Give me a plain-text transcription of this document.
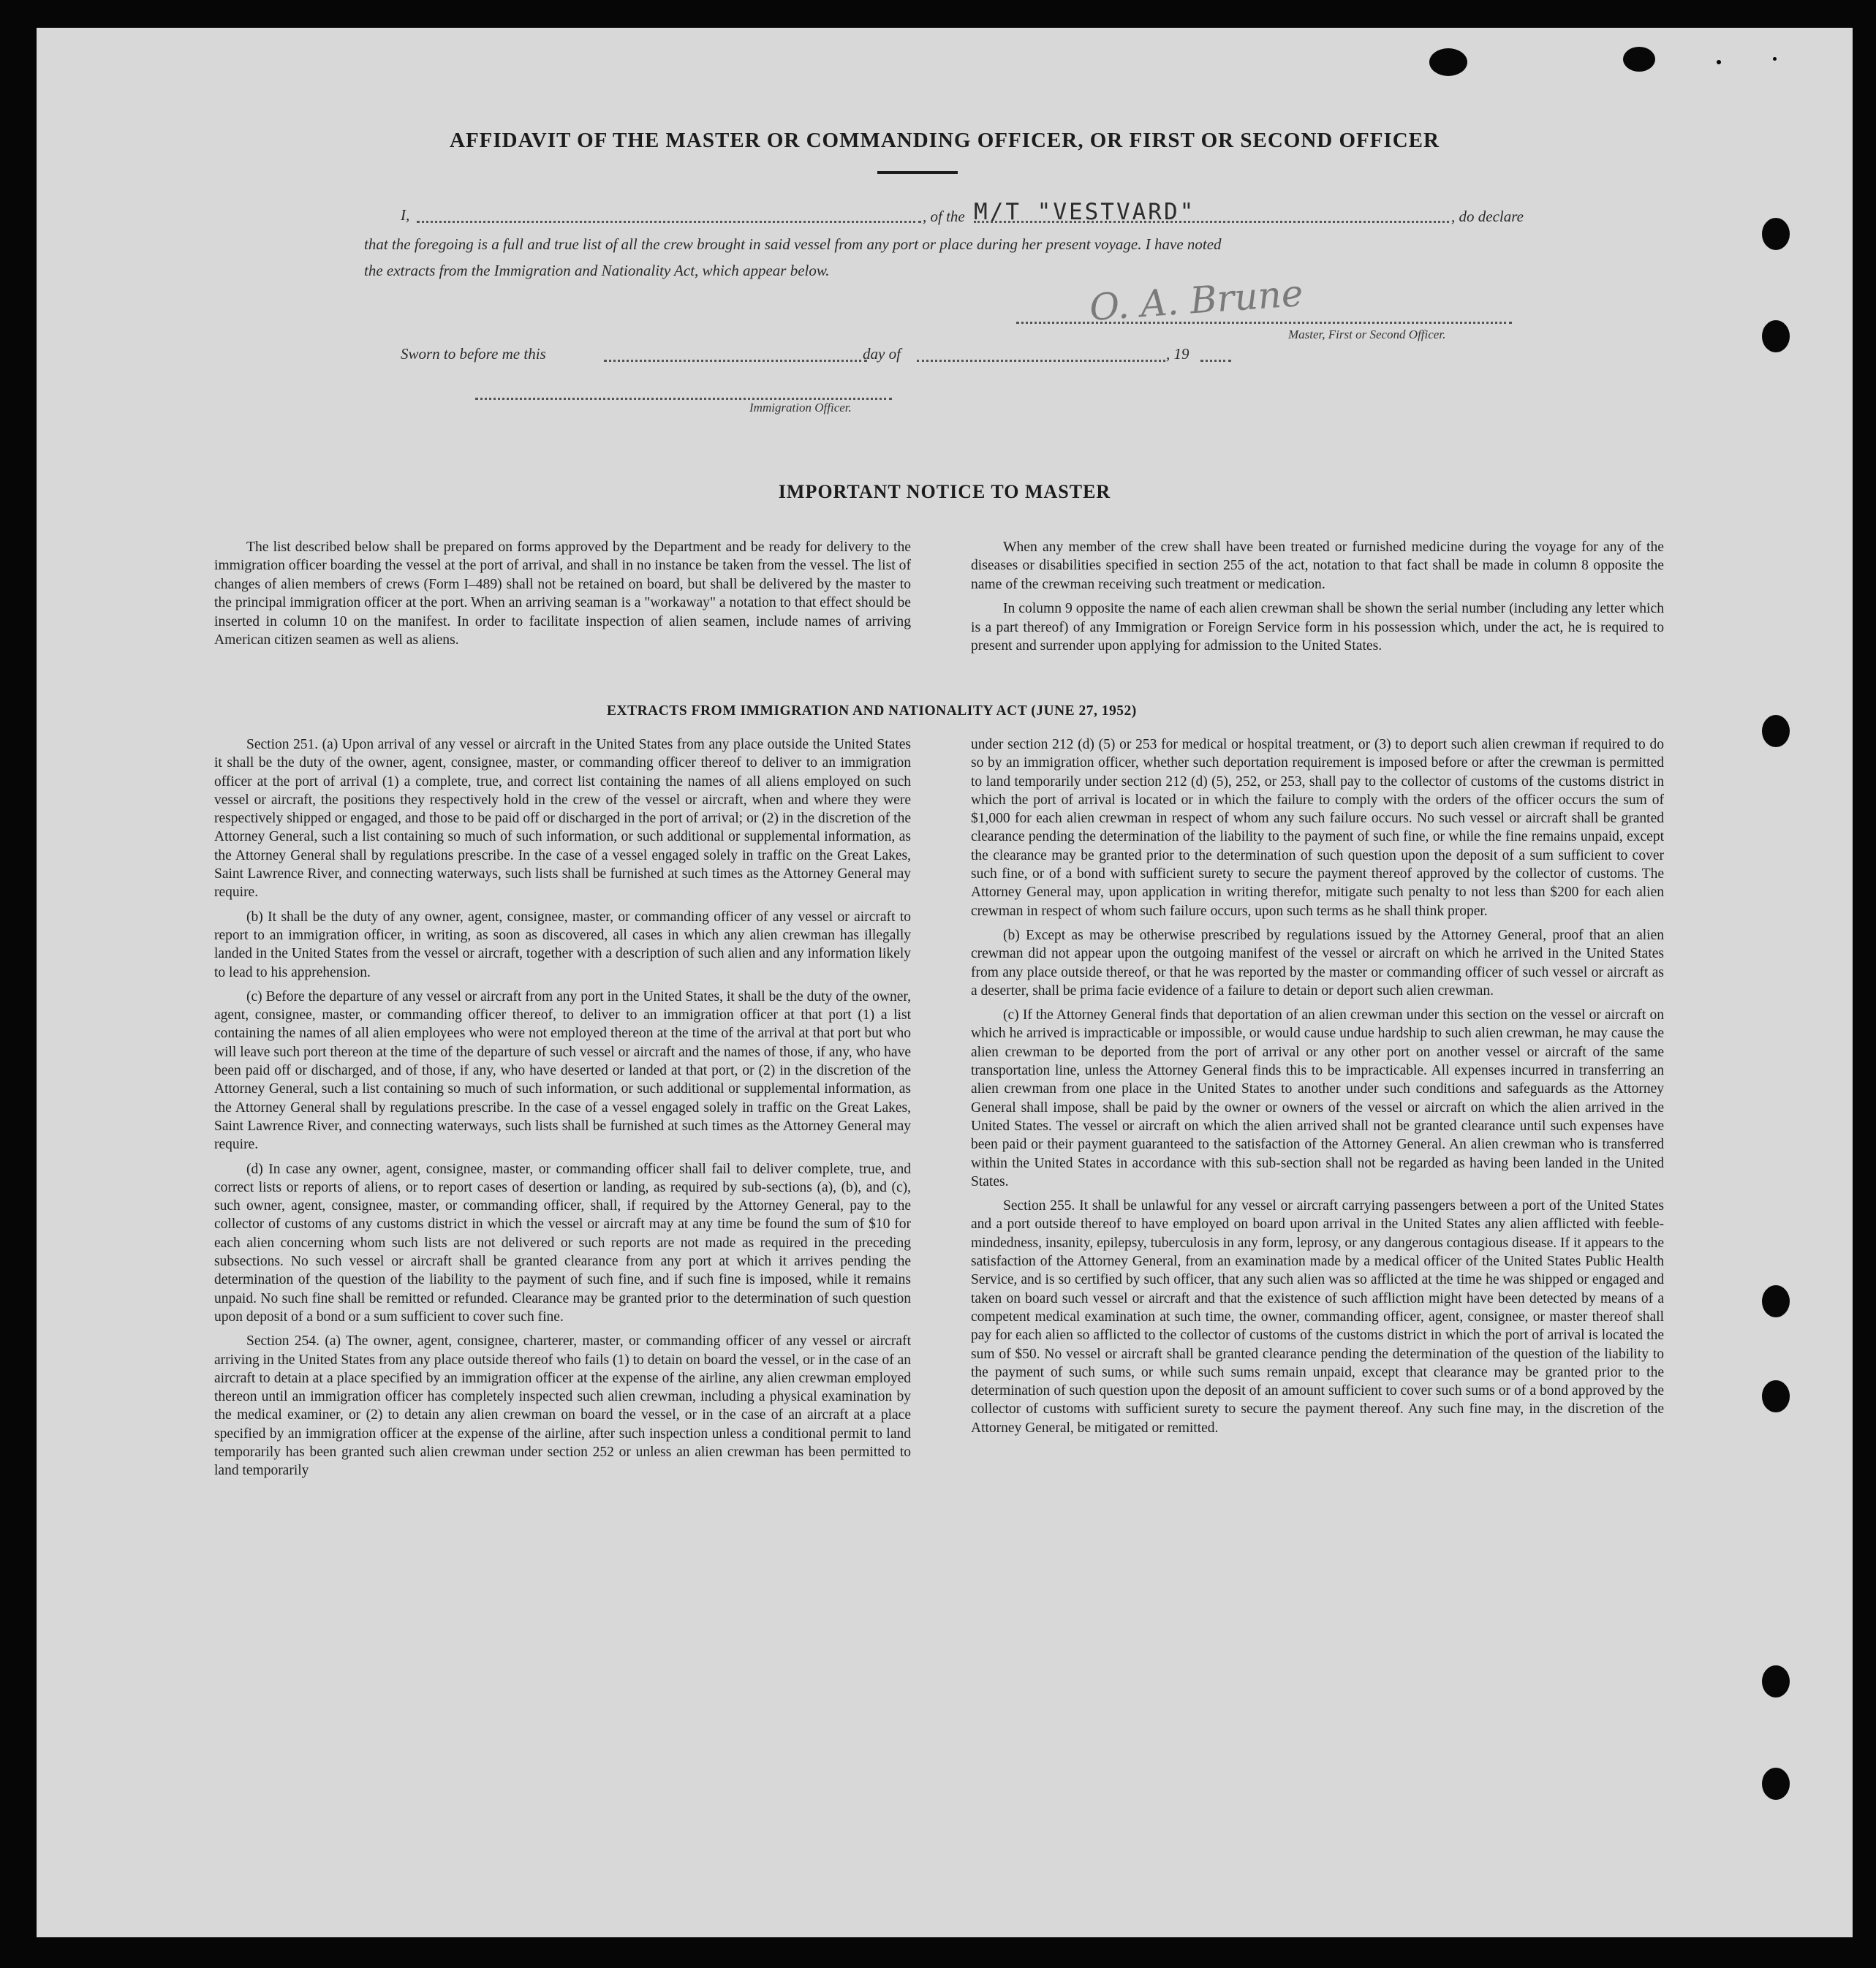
AFFIDAVIT OF THE MASTER OR COMMANDING OFFICER, OR FIRST OR SECOND OFFICER
I,	, of the M/T "VESTVARD"	, do declare
that the foregoing is a full and true list of all the crew brought in said vessel from any port or place during her present voyage. I have noted
the extracts from the Immigration and Nationality Act, which appear below.
O. A. Brune
Master, First or Second Officer.
Sworn to before me this	day of	, 19
Immigration Officer.
IMPORTANT NOTICE TO MASTER

The list described below shall be prepared on forms approved by the Department and be ready for delivery to the immigration officer boarding the vessel at the port of arrival, and shall in no instance be taken from the vessel. The list of changes of alien members of crews (Form I–489) shall not be retained on board, but shall be delivered by the master to the principal immigration officer at the port. When an arriving seaman is a "workaway" a notation to that effect should be inserted in column 10 on the manifest. In order to facilitate inspection of alien seamen, include names of arriving American citizen seamen as well as aliens.

When any member of the crew shall have been treated or furnished medicine during the voyage for any of the diseases or disabilities specified in section 255 of the act, notation to that fact shall be made in column 8 opposite the name of the crewman receiving such treatment or medication.

In column 9 opposite the name of each alien crewman shall be shown the serial number (including any letter which is a part thereof) of any Immigration or Foreign Service form in his possession which, under the act, he is required to present and surrender upon applying for admission to the United States.

EXTRACTS FROM IMMIGRATION AND NATIONALITY ACT (JUNE 27, 1952)

Section 251. (a) Upon arrival of any vessel or aircraft in the United States from any place outside the United States it shall be the duty of the owner, agent, consignee, master, or commanding officer thereof to deliver to an immigration officer at the port of arrival (1) a complete, true, and correct list containing the names of all aliens employed on such vessel or aircraft, the positions they respectively hold in the crew of the vessel or aircraft, when and where they were respectively shipped or engaged, and those to be paid off or discharged in the port of arrival; or (2) in the discretion of the Attorney General, such a list containing so much of such information, or such additional or supplemental information, as the Attorney General shall by regulations prescribe. In the case of a vessel engaged solely in traffic on the Great Lakes, Saint Lawrence River, and connecting waterways, such lists shall be furnished at such times as the Attorney General may require.

(b) It shall be the duty of any owner, agent, consignee, master, or commanding officer of any vessel or aircraft to report to an immigration officer, in writing, as soon as discovered, all cases in which any alien crewman has illegally landed in the United States from the vessel or aircraft, together with a description of such alien and any information likely to lead to his apprehension.

(c) Before the departure of any vessel or aircraft from any port in the United States, it shall be the duty of the owner, agent, consignee, master, or commanding officer thereof, to deliver to an immigration officer at that port (1) a list containing the names of all alien employees who were not employed thereon at the time of the arrival at that port but who will leave such port thereon at the time of the departure of such vessel or aircraft and the names of those, if any, who have been paid off or discharged, and of those, if any, who have deserted or landed at that port, or (2) in the discretion of the Attorney General, such a list containing so much of such information, or such additional or supplemental information, as the Attorney General shall by regulations prescribe. In the case of a vessel engaged solely in traffic on the Great Lakes, Saint Lawrence River, and connecting waterways, such lists shall be furnished at such times as the Attorney General may require.

(d) In case any owner, agent, consignee, master, or commanding officer shall fail to deliver complete, true, and correct lists or reports of aliens, or to report cases of desertion or landing, as required by sub-sections (a), (b), and (c), such owner, agent, consignee, master, or commanding officer, shall, if required by the Attorney General, pay to the collector of customs of any customs district in which the vessel or aircraft may at any time be found the sum of $10 for each alien concerning whom such lists are not delivered or such reports are not made as required in the preceding subsections. No such vessel or aircraft shall be granted clearance from any port at which it arrives pending the determination of the question of the liability to the payment of such fine, and if such fine is imposed, while it remains unpaid. No such fine shall be remitted or refunded. Clearance may be granted prior to the determination of such question upon deposit of a bond or a sum sufficient to cover such fine.

Section 254. (a) The owner, agent, consignee, charterer, master, or commanding officer of any vessel or aircraft arriving in the United States from any place outside thereof who fails (1) to detain on board the vessel, or in the case of an aircraft to detain at a place specified by an immigration officer at the expense of the airline, any alien crewman employed thereon until an immigration officer has completely inspected such alien crewman, including a physical examination by the medical examiner, or (2) to detain any alien crewman on board the vessel, or in the case of an aircraft at a place specified by an immigration officer at the expense of the airline, after such inspection unless a conditional permit to land temporarily has been granted such alien crewman under section 252 or unless an alien crewman has been permitted to land temporarily

under section 212 (d) (5) or 253 for medical or hospital treatment, or (3) to deport such alien crewman if required to do so by an immigration officer, whether such deportation requirement is imposed before or after the crewman is permitted to land temporarily under section 212 (d) (5), 252, or 253, shall pay to the collector of customs of the customs district in which the port of arrival is located or in which the failure to comply with the orders of the officer occurs the sum of $1,000 for each alien crewman in respect of whom any such failure occurs. No such vessel or aircraft shall be granted clearance pending the determination of the liability to the payment of such fine, or while the fine remains unpaid, except the clearance may be granted prior to the determination of such question upon the deposit of a sum sufficient to cover such fine, or of a bond with sufficient surety to secure the payment thereof approved by the collector of customs. The Attorney General may, upon application in writing therefor, mitigate such penalty to not less than $200 for each alien crewman in respect of whom such failure occurs, upon such terms as he shall think proper.

(b) Except as may be otherwise prescribed by regulations issued by the Attorney General, proof that an alien crewman did not appear upon the outgoing manifest of the vessel or aircraft on which he arrived in the United States from any place outside thereof, or that he was reported by the master or commanding officer of such vessel or aircraft as a deserter, shall be prima facie evidence of a failure to detain or deport such alien crewman.

(c) If the Attorney General finds that deportation of an alien crewman under this section on the vessel or aircraft on which he arrived is impracticable or impossible, or would cause undue hardship to such alien crewman, he may cause the alien crewman to be deported from the port of arrival or any other port on another vessel or aircraft of the same transportation line, unless the Attorney General finds this to be impracticable. All expenses incurred in transferring an alien crewman from one place in the United States to another under such conditions and safeguards as the Attorney General shall impose, shall be paid by the owner or owners of the vessel or aircraft on which the alien arrived in the United States. The vessel or aircraft on which the alien arrived shall not be granted clearance until such expenses have been paid or their payment guaranteed to the satisfaction of the Attorney General. An alien crewman who is transferred within the United States in accordance with this sub-section shall not be regarded as having been landed in the United States.

Section 255. It shall be unlawful for any vessel or aircraft carrying passengers between a port of the United States and a port outside thereof to have employed on board upon arrival in the United States any alien afflicted with feeble-mindedness, insanity, epilepsy, tuberculosis in any form, leprosy, or any dangerous contagious disease. If it appears to the satisfaction of the Attorney General, from an examination made by a medical officer of the United States Public Health Service, and is so certified by such officer, that any such alien was so afflicted at the time he was shipped or engaged and taken on board such vessel or aircraft and that the existence of such affliction might have been detected by means of a competent medical examination at such time, the owner, commanding officer, agent, consignee, or master thereof shall pay for each alien so afflicted to the collector of customs of the customs district in which the port of arrival is located the sum of $50. No vessel or aircraft shall be granted clearance pending the determination of the question of the liability to the payment of such sums, or while such sums remain unpaid, except that clearance may be granted prior to the determination of such question upon the deposit of an amount sufficient to cover such sums or of a bond approved by the collector of customs with sufficient surety to secure the payment thereof. Any such fine may, in the discretion of the Attorney General, be mitigated or remitted.
